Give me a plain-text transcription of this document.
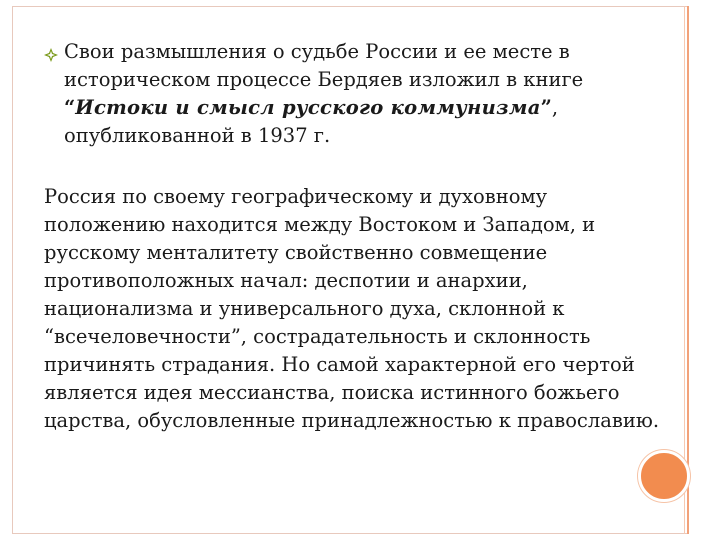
Свои размышления о судьбе России и ее месте в историческом процессе Бердяев изложил в книге “Истоки и смысл русского коммунизма”, опубликованной в 1937 г.
Россия по своему географическому и духовному положению находится между Востоком и Западом, и русскому менталитету свойственно совмещение противоположных начал: деспотии и анархии, национализма и универсального духа, склонной к “всечеловечности”, сострадательность и склонность причинять страдания. Но самой характерной его чертой является идея мессианства, поиска истинного божьего царства, обусловленные принадлежностью к православию.
